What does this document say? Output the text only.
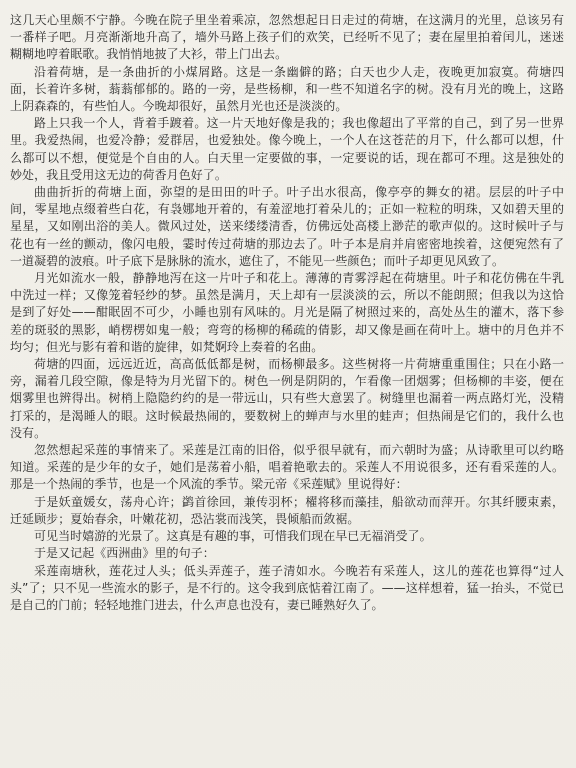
这几天心里颇不宁静。今晚在院子里坐着乘凉，忽然想起日日走过的荷塘，在这满月的光里，总该另有一番样子吧。月亮渐渐地升高了，墙外马路上孩子们的欢笑，已经听不见了；妻在屋里拍着闰儿，迷迷糊糊地哼着眠歌。我悄悄地披了大衫，带上门出去。

沿着荷塘，是一条曲折的小煤屑路。这是一条幽僻的路；白天也少人走，夜晚更加寂寞。荷塘四面，长着许多树，蓊蓊郁郁的。路的一旁，是些杨柳，和一些不知道名字的树。没有月光的晚上，这路上阴森森的，有些怕人。今晚却很好，虽然月光也还是淡淡的。

路上只我一个人，背着手踱着。这一片天地好像是我的；我也像超出了平常的自己，到了另一世界里。我爱热闹，也爱冷静；爱群居，也爱独处。像今晚上，一个人在这苍茫的月下，什么都可以想，什么都可以不想，便觉是个自由的人。白天里一定要做的事，一定要说的话，现在都可不理。这是独处的妙处，我且受用这无边的荷香月色好了。

曲曲折折的荷塘上面，弥望的是田田的叶子。叶子出水很高，像亭亭的舞女的裙。层层的叶子中间，零星地点缀着些白花，有袅娜地开着的，有羞涩地打着朵儿的；正如一粒粒的明珠，又如碧天里的星星，又如刚出浴的美人。微风过处，送来缕缕清香，仿佛远处高楼上渺茫的歌声似的。这时候叶子与花也有一丝的颤动，像闪电般，霎时传过荷塘的那边去了。叶子本是肩并肩密密地挨着，这便宛然有了一道凝碧的波痕。叶子底下是脉脉的流水，遮住了，不能见一些颜色；而叶子却更见风致了。

月光如流水一般，静静地泻在这一片叶子和花上。薄薄的青雾浮起在荷塘里。叶子和花仿佛在牛乳中洗过一样；又像笼着轻纱的梦。虽然是满月，天上却有一层淡淡的云，所以不能朗照；但我以为这恰是到了好处——酣眠固不可少，小睡也别有风味的。月光是隔了树照过来的，高处丛生的灌木，落下参差的斑驳的黑影，峭楞楞如鬼一般；弯弯的杨柳的稀疏的倩影，却又像是画在荷叶上。塘中的月色并不均匀；但光与影有着和谐的旋律，如梵婀玲上奏着的名曲。

荷塘的四面，远远近近，高高低低都是树，而杨柳最多。这些树将一片荷塘重重围住；只在小路一旁，漏着几段空隙，像是特为月光留下的。树色一例是阴阴的，乍看像一团烟雾；但杨柳的丰姿，便在烟雾里也辨得出。树梢上隐隐约约的是一带远山，只有些大意罢了。树缝里也漏着一两点路灯光，没精打采的，是渴睡人的眼。这时候最热闹的，要数树上的蝉声与水里的蛙声；但热闹是它们的，我什么也没有。

忽然想起采莲的事情来了。采莲是江南的旧俗，似乎很早就有，而六朝时为盛；从诗歌里可以约略知道。采莲的是少年的女子，她们是荡着小船，唱着艳歌去的。采莲人不用说很多，还有看采莲的人。那是一个热闹的季节，也是一个风流的季节。梁元帝《采莲赋》里说得好：

于是妖童媛女，荡舟心许；鹢首徐回，兼传羽杯；櫂将移而藻挂，船欲动而萍开。尔其纤腰束素，迁延顾步；夏始春余，叶嫩花初，恐沾裳而浅笑，畏倾船而敛裾。

可见当时嬉游的光景了。这真是有趣的事，可惜我们现在早已无福消受了。

于是又记起《西洲曲》里的句子：

采莲南塘秋，莲花过人头；低头弄莲子，莲子清如水。今晚若有采莲人，这儿的莲花也算得“过人头”了；只不见一些流水的影子，是不行的。这令我到底惦着江南了。——这样想着，猛一抬头，不觉已是自己的门前；轻轻地推门进去，什么声息也没有，妻已睡熟好久了。
